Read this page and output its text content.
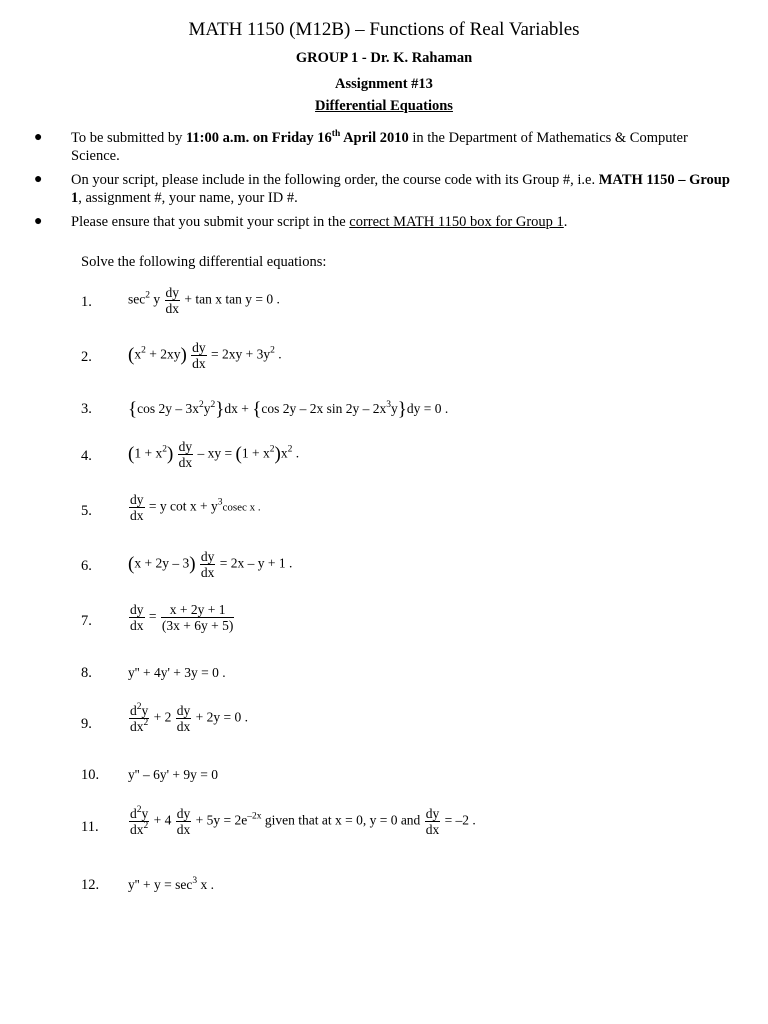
MATH 1150 (M12B) – Functions of Real Variables
GROUP 1 - Dr. K. Rahaman
Assignment #13
Differential Equations
● To be submitted by 11:00 a.m. on Friday 16th April 2010 in the Department of Mathematics & Computer Science.
● On your script, please include in the following order, the course code with its Group #, i.e. MATH 1150 – Group 1, assignment #, your name, your ID #.
● Please ensure that you submit your script in the correct MATH 1150 box for Group 1.
Solve the following differential equations:
1.	$\sec^2 y \frac{dy}{dx} + \tan x$ tan y = 0 .
2.	$(x^2 + 2xy) \frac{dy}{dx} = 2xy + 3y^2$ .
3.	{cos $2y - 3x^2y^2\}dx + \{\cos$ 2y – 2x $\sin 2y - 2x^3y\}dy = 0$ .
4.	$(1 + x^2) \frac{dy}{dx}$ – xy = $(1 + x^2)x^2$ .
5.	$\frac{dy}{dx} = y$ $\cot x + y^3cosec$ x .
6.	$(x + 2y - 3) \frac{dy}{dx} = 2x - y + 1$ .
7.	$\frac{dy}{dx} = \frac{x + 2y + 1}{(3x + 6y + 5)}$
8.	y'' + 4y' + 3y = 0 .
9.	$\frac{d^2y}{dx^2} + 2 \frac{dy}{dx} + 2y = 0$ .
10.	y'' – 6y' + 9y = 0
11.	$\frac{d^2y}{dx^2} + 4 \frac{dy}{dx} + 5y = 2e^{-2x}$ given that at x = 0, y = 0 and $\frac{dy}{dx} = -2$ .
12.	$y'' + y = \sec^3 x$ .
